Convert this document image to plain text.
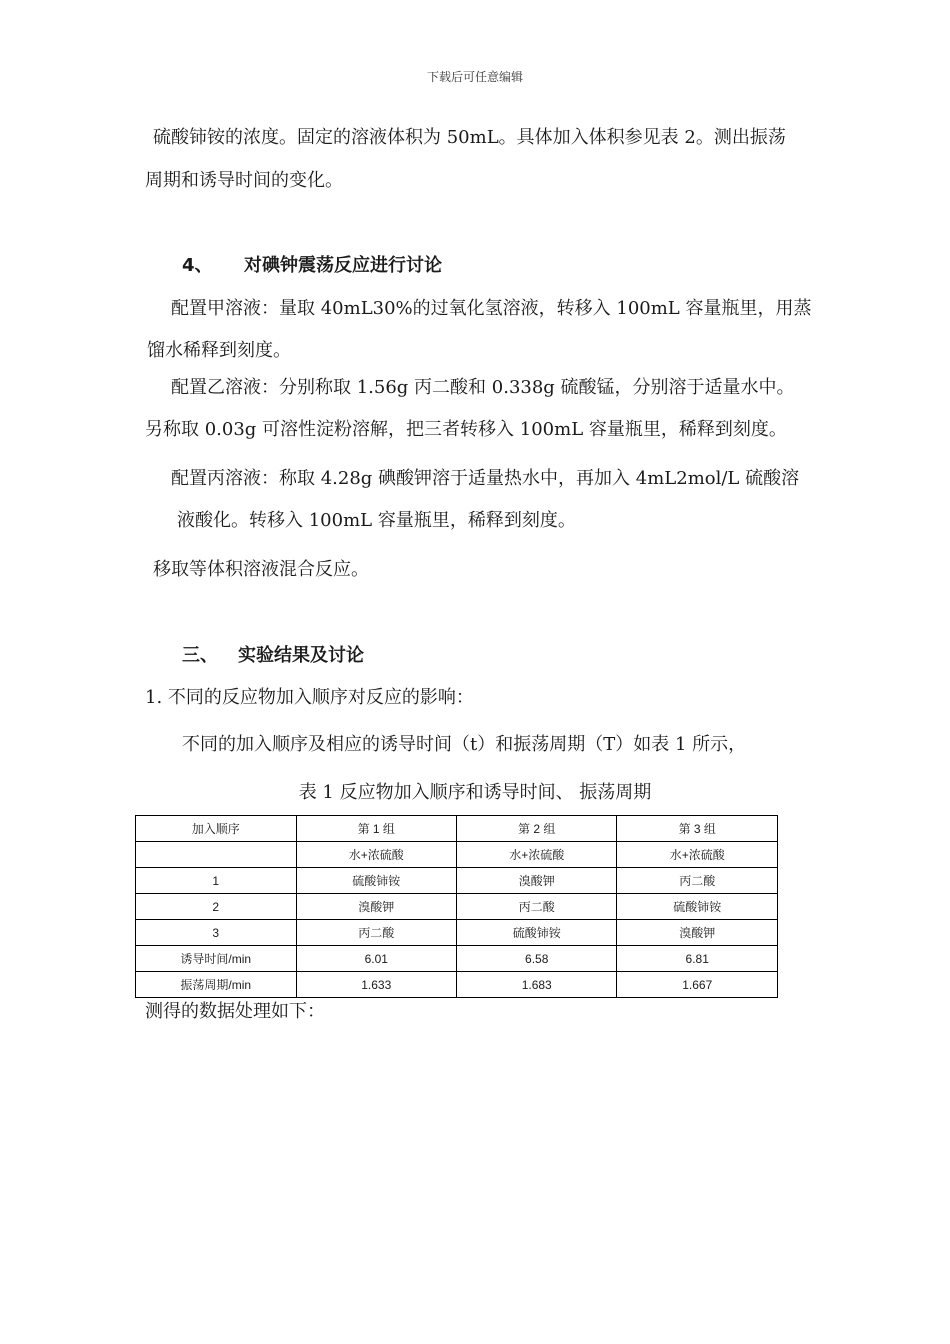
下载后可任意编辑
硫酸铈铵的浓度。固定的溶液体积为 50mL。具体加入体积参见表 2。测出振荡
周期和诱导时间的变化。
4、 对碘钟震荡反应进行讨论
配置甲溶液：量取 40mL30%的过氧化氢溶液，转移入 100mL 容量瓶里，用蒸
馏水稀释到刻度。
配置乙溶液：分别称取 1.56g 丙二酸和 0.338g 硫酸锰，分别溶于适量水中。
另称取 0.03g 可溶性淀粉溶解，把三者转移入 100mL 容量瓶里，稀释到刻度。
配置丙溶液：称取 4.28g 碘酸钾溶于适量热水中，再加入 4mL2mol/L 硫酸溶
液酸化。转移入 100mL 容量瓶里，稀释到刻度。
移取等体积溶液混合反应。
三、 实验结果及讨论
1. 不同的反应物加入顺序对反应的影响：
不同的加入顺序及相应的诱导时间（t）和振荡周期（T）如表 1 所示，
表 1 反应物加入顺序和诱导时间、 振荡周期
加入顺序	第 1 组	第 2 组	第 3 组
	水+浓硫酸	水+浓硫酸	水+浓硫酸
1	硫酸铈铵	溴酸钾	丙二酸
2	溴酸钾	丙二酸	硫酸铈铵
3	丙二酸	硫酸铈铵	溴酸钾
诱导时间/min	6.01	6.58	6.81
振荡周期/min	1.633	1.683	1.667
测得的数据处理如下：
